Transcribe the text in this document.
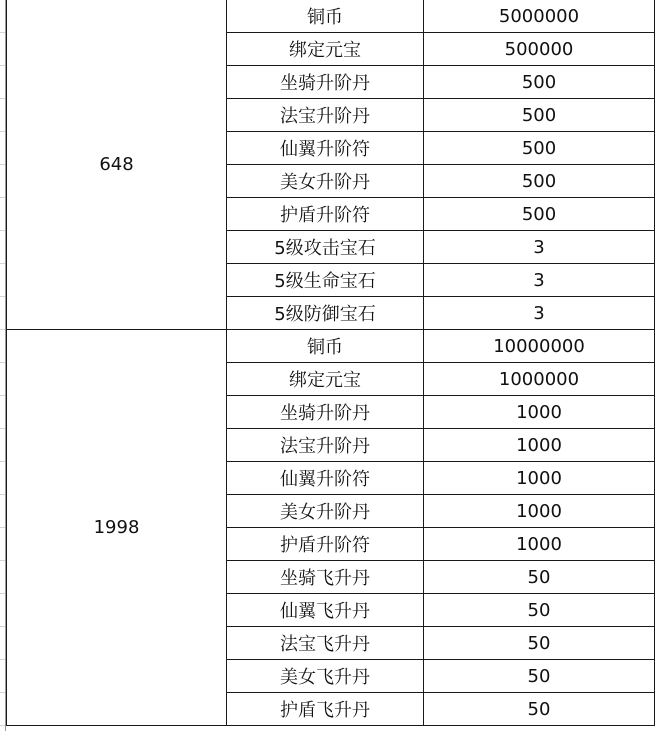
648	铜币	5000000
	绑定元宝	500000
	坐骑升阶丹	500
	法宝升阶丹	500
	仙翼升阶符	500
	美女升阶丹	500
	护盾升阶符	500
	5级攻击宝石	3
	5级生命宝石	3
	5级防御宝石	3
1998	铜币	10000000
	绑定元宝	1000000
	坐骑升阶丹	1000
	法宝升阶丹	1000
	仙翼升阶符	1000
	美女升阶丹	1000
	护盾升阶符	1000
	坐骑飞升丹	50
	仙翼飞升丹	50
	法宝飞升丹	50
	美女飞升丹	50
	护盾飞升丹	50
